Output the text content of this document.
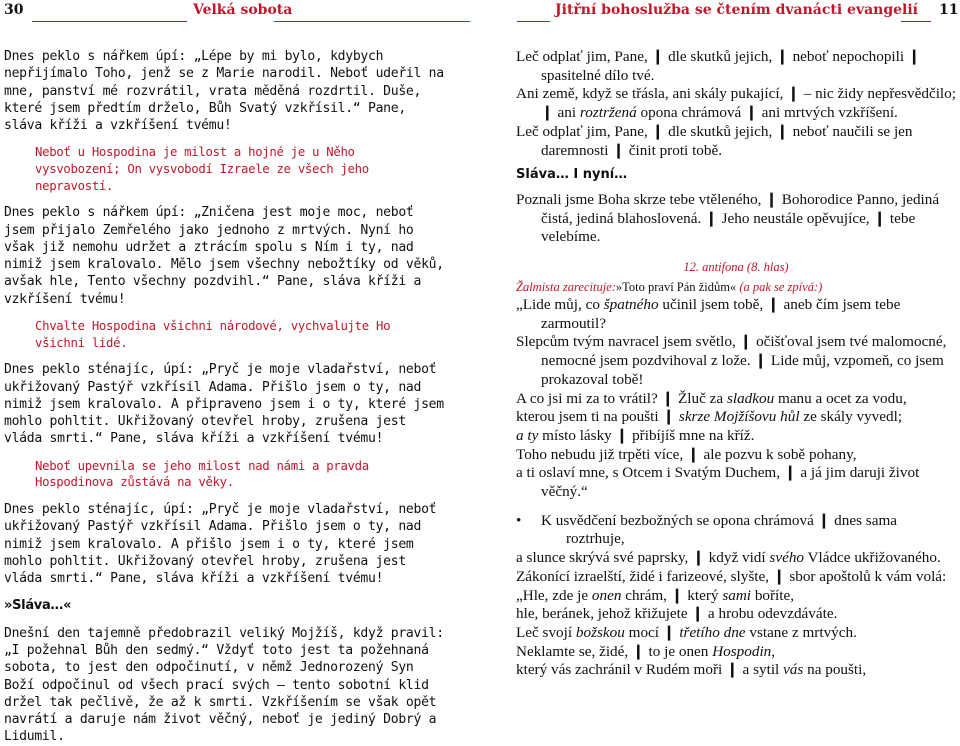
30	Velká sobota	Jitřní bohoslužba se čtením dvanácti evangelií 11

Dnes peklo s nářkem úpí: „Lépe by mi bylo, kdybych nepřijímalo Toho, jenž se z Marie narodil. Neboť udeřil na mne, panství mé rozvrátil, vrata měděná rozdrtil. Duše, které jsem předtím drželo, Bůh Svatý vzkřísil.“ Pane, sláva kříži a vzkříšení tvému!

Neboť u Hospodina je milost a hojné je u Něho vysvobození; On vysvobodí Izraele ze všech jeho nepravostí.

Dnes peklo s nářkem úpí: „Zničena jest moje moc, neboť jsem přijalo Zemřelého jako jednoho z mrtvých. Nyní ho však již nemohu udržet a ztrácím spolu s Ním i ty, nad nimiž jsem kralovalo. Mělo jsem všechny nebožtíky od věků, avšak hle, Tento všechny pozdvihl.“ Pane, sláva kříži a vzkříšení tvému!

Chvalte Hospodina všichni národové, vychvalujte Ho všichni lidé.

Dnes peklo sténajíc, úpí: „Pryč je moje vladařství, neboť ukřižovaný Pastýř vzkřísil Adama. Přišlo jsem o ty, nad nimiž jsem kralovalo. A připraveno jsem i o ty, které jsem mohlo pohltit. Ukřižovaný otevřel hroby, zrušena jest vláda smrti.“ Pane, sláva kříži a vzkříšení tvému!

Neboť upevnila se jeho milost nad námi a pravda Hospodinova zůstává na věky.

Dnes peklo sténajíc, úpí: „Pryč je moje vladařství, neboť ukřižovaný Pastýř vzkřísil Adama. Přišlo jsem o ty, nad nimiž jsem kralovalo. A přišlo jsem i o ty, které jsem mohlo pohltit. Ukřižovaný otevřel hroby, zrušena jest vláda smrti.“ Pane, sláva kříži a vzkříšení tvému!

»Sláva…«

Dnešní den tajemně předobrazil veliký Mojžíš, když pravil: „I požehnal Bůh den sedmý.“ Vždyť toto jest ta požehnaná sobota, to jest den odpočinutí, v němž Jednorozený Syn Boží odpočinul od všech prací svých – tento sobotní klid držel tak pečlivě, že až k smrti. Vzkříšením se však opět navrátí a daruje nám život věčný, neboť je jediný Dobrý a Lidumil.

Leč odplať jim, Pane, ❙ dle skutků jejich, ❙ neboť nepochopili ❙ spasitelné dílo tvé.

Ani země, když se třásla, ani skály pukající, ❙ – nic židy nepřesvědčilo; ❙ ani roztržená opona chrámová ❙ ani mrtvých vzkříšení.

Leč odplať jim, Pane, ❙ dle skutků jejich, ❙ neboť naučili se jen daremnosti ❙ činit proti tobě.

Sláva… I nyní…

Poznali jsme Boha skrze tebe vtěleného, ❙ Bohorodice Panno, jediná čistá, jediná blahoslovená. ❙ Jeho neustále opěvujíce, ❙ tebe velebíme.

12. antifona (8. hlas)

Žalmista zarecituje:»Toto praví Pán židům« (a pak se zpívá:)

„Lide můj, co špatného učinil jsem tobě, ❙ aneb čím jsem tebe zarmoutil?

Slepcům tvým navracel jsem světlo, ❙ očišťoval jsem tvé malomocné, nemocné jsem pozdvihoval z lože. ❙ Lide můj, vzpomeň, co jsem prokazoval tobě!

A co jsi mi za to vrátil? ❙ Žluč za sladkou manu a ocet za vodu,

kterou jsem ti na poušti ❙ skrze Mojžíšovu hůl ze skály vyvedl;

a ty místo lásky ❙ přibíjíš mne na kříž.

Toho nebudu již trpěti více, ❙ ale pozvu k sobě pohany,

a ti oslaví mne, s Otcem i Svatým Duchem, ❙ a já jim daruji život věčný.“

•	K usvědčení bezbožných se opona chrámová ❙ dnes sama roztrhuje,

a slunce skrývá své paprsky, ❙ když vidí svého Vládce ukřižovaného.

Zákonící izraelští, židé i farizeové, slyšte, ❙ sbor apoštolů k vám volá:

„Hle, zde je onen chrám, ❙ který sami boříte,

hle, beránek, jehož křižujete ❙ a hrobu odevzdáváte.

Leč svojí božskou mocí ❙ třetího dne vstane z mrtvých.

Neklamte se, židé, ❙ to je onen Hospodin,

který vás zachránil v Rudém moři ❙ a sytil vás na poušti,
